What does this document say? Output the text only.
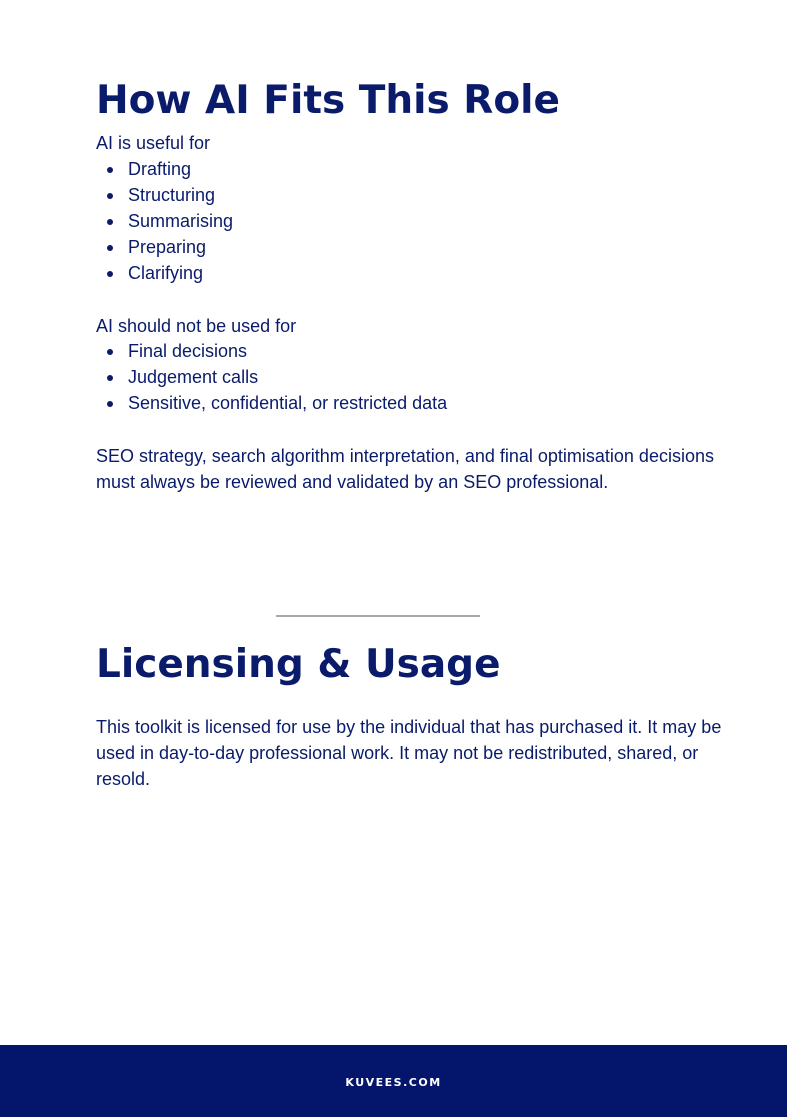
How AI Fits This Role

AI is useful for

Drafting
Structuring
Summarising
Preparing
Clarifying

AI should not be used for

Final decisions
Judgement calls
Sensitive, confidential, or restricted data

SEO strategy, search algorithm interpretation, and final optimisation decisions must always be reviewed and validated by an SEO professional.

Licensing & Usage

This toolkit is licensed for use by the individual that has purchased it. It may be used in day-to-day professional work. It may not be redistributed, shared, or resold.

KUVEES.COM
